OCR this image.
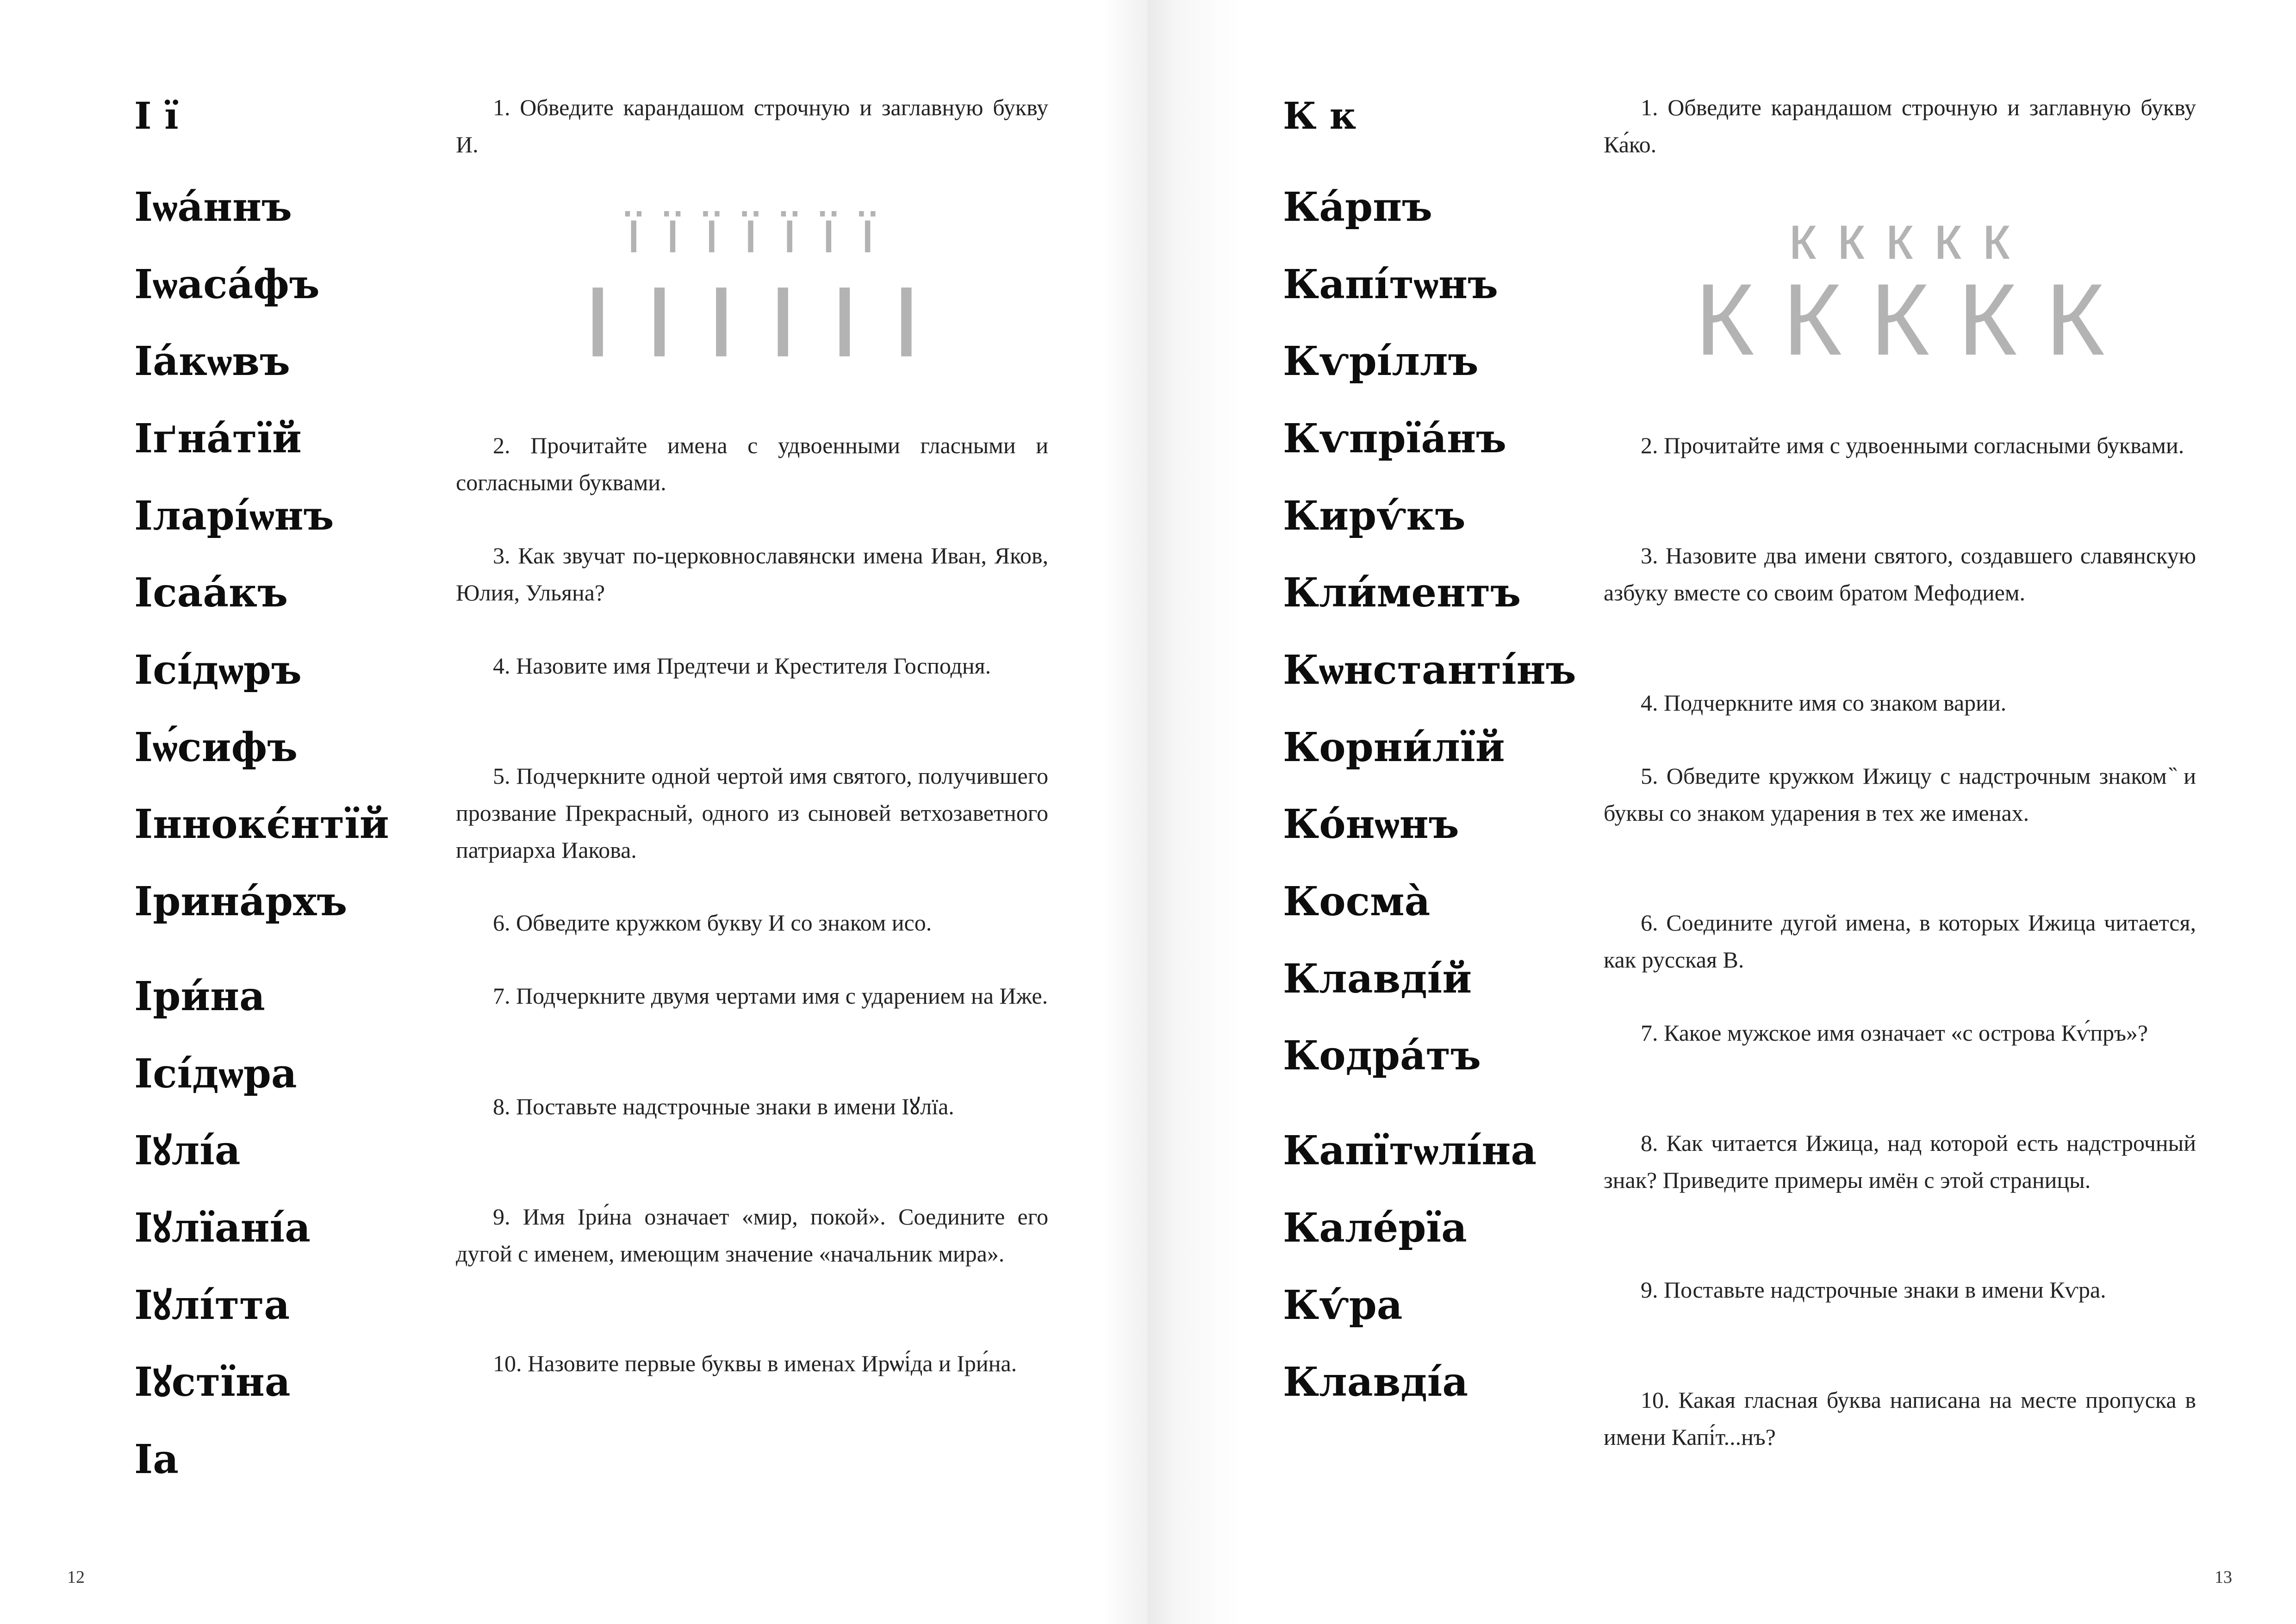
І ї

Іѡа́ннъ

Іѡаса́фъ

Іа́кѡвъ

Іґна́тїй

Іларі́ѡнъ

Ісаа́къ

Ісі́дѡръ

Іѡ́сифъ

Іннокє́нтїй

Іринáрхъ

Іри́на

Ісі́дѡра

Іꙋлі́а

Іꙋлїані́а

Іꙋлі́тта

Іꙋстїна

Іа

1. Обведите карандашом строчную и заглавную букву И.

ї ї ї ї ї ї ї

І І І І І І

2. Прочитайте имена с удвоенными гласными и согласными буквами.

3. Как звучат по-церковнославянски имена Иван, Яков, Юлия, Ульяна?

4. Назовите имя Предтечи и Крестителя Господня.

5. Подчеркните одной чертой имя святого, получившего прозвание Прекрасный, одного из сыновей ветхозаветного патриарха Иакова.

6. Обведите кружком букву И со знаком исо.

7. Подчеркните двумя чертами имя с ударением на Иже.

8. Поставьте надстрочные знаки в имени Іꙋлїа.

9. Имя Іри́на означает «мир, покой». Соедините его дугой с именем, имеющим значение «начальник мира».

10. Назовите первые буквы в именах Ирѡі́да и Іри́на.

12

К к

Ка́рпъ

Капі́тѡнъ

Кѵрі́ллъ

Кѵпрїа́нъ

Кирѵ́къ

Кли́ментъ

Кѡнстанті́нъ

Корни́лїй

Ко́нѡнъ

Космà

Клавді́й

Кодра́тъ

Капїтѡлі́на

Кале́рїа

Кѵ́ра

Клавді́а

1. Обведите карандашом строчную и заглавную букву Ка́ко.

к к к к к

К К К К К

2. Прочитайте имя с удвоенными согласными буквами.

3. Назовите два имени святого, создавшего славянскую азбуку вместе со своим братом Мефодием.

4. Подчеркните имя со знаком варии.

5. Обведите кружком Ижицу с надстрочным знаком ͏̏ и буквы со знаком ударения в тех же именах.

6. Соедините дугой имена, в которых Ижица читается, как русская В.

7. Какое мужское имя означает «с острова Кѵ́пръ»?

8. Как читается Ижица, над которой есть надстрочный знак? Приведите примеры имён с этой страницы.

9. Поставьте надстрочные знаки в имени Кѵра.

10. Какая гласная буква написана на месте пропуска в имени Капі́т...нъ?

13
